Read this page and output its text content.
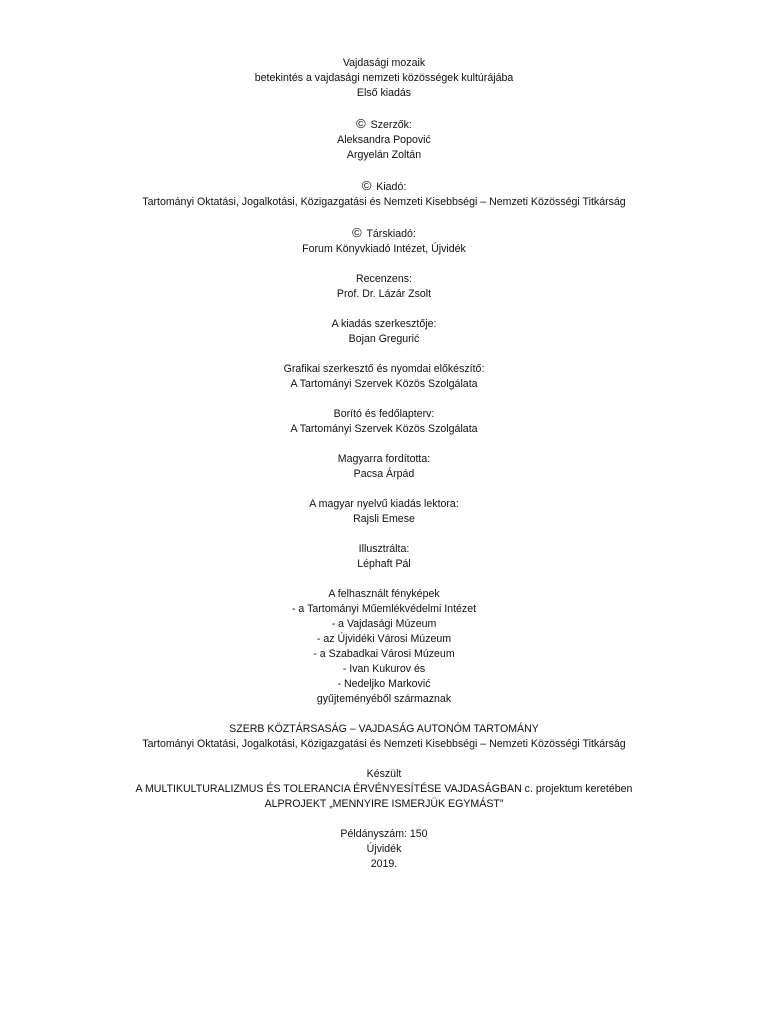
Vajdasági mozaik
betekintés a vajdasági nemzeti közösségek kultúrájába
Első kiadás
© Szerzők:
Aleksandra Popović
Argyelán Zoltán
© Kiadó:
Tartományi Oktatási, Jogalkotási, Közigazgatási és Nemzeti Kisebbségi – Nemzeti Közösségi Titkárság
© Társkiadó:
Forum Könyvkiadó Intézet, Újvidék
Recenzens:
Prof. Dr. Lázár Zsolt
A kiadás szerkesztője:
Bojan Gregurić
Grafikai szerkesztő és nyomdai előkészítő:
A Tartományi Szervek Közös Szolgálata
Borító és fedőlapterv:
A Tartományi Szervek Közös Szolgálata
Magyarra fordította:
Pacsa Árpád
A magyar nyelvű kiadás lektora:
Rajsli Emese
Illusztrálta:
Léphaft Pál
A felhasznált fényképek
- a Tartományi Műemlékvédelmi Intézet
- a Vajdasági Múzeum
- az Újvidéki Városi Múzeum
- a Szabadkai Városi Múzeum
- Ivan Kukurov és
- Nedeljko Marković
gyűjteményéből származnak
SZERB KÖZTÁRSASÁG – VAJDASÁG AUTONÓM TARTOMÁNY
Tartományi Oktatási, Jogalkotási, Közigazgatási és Nemzeti Kisebbségi – Nemzeti Közösségi Titkárság
Készült
A MULTIKULTURALIZMUS ÉS TOLERANCIA ÉRVÉNYESÍTÉSE VAJDASÁGBAN c. projektum keretében
ALPROJEKT „MENNYIRE ISMERJÜK EGYMÁST”
Példányszám: 150
Újvidék
2019.
